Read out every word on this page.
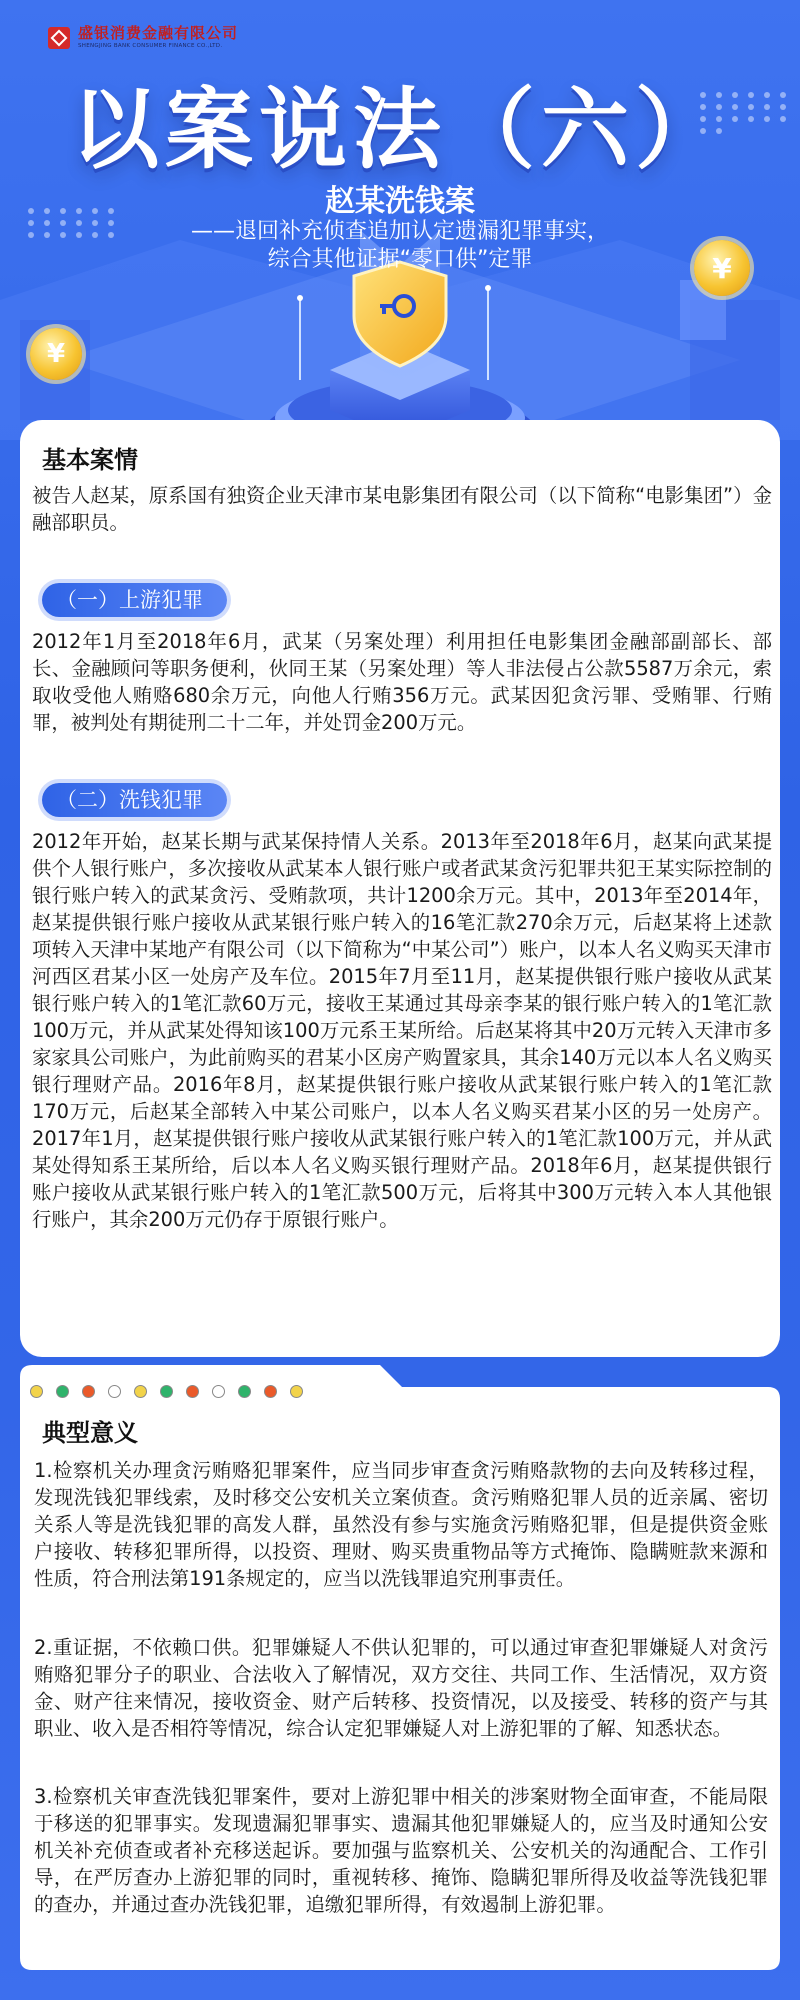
盛银消费金融有限公司
SHENGJING BANK CONSUMER FINANCE CO.,LTD.
¥
¥
以案说法（六）
赵某洗钱案
——退回补充侦查追加认定遗漏犯罪事实，
综合其他证据“零口供”定罪
基本案情

被告人赵某，原系国有独资企业天津市某电影集团有限公司（以下简称“电影集团”）金融部职员。

（一）上游犯罪

2012年1月至2018年6月，武某（另案处理）利用担任电影集团金融部副部长、部长、金融顾问等职务便利，伙同王某（另案处理）等人非法侵占公款5587万余元，索取收受他人贿赂680余万元，向他人行贿356万元。武某因犯贪污罪、受贿罪、行贿罪，被判处有期徒刑二十二年，并处罚金200万元。

（二）洗钱犯罪

2012年开始，赵某长期与武某保持情人关系。2013年至2018年6月，赵某向武某提供个人银行账户，多次接收从武某本人银行账户或者武某贪污犯罪共犯王某实际控制的银行账户转入的武某贪污、受贿款项，共计1200余万元。其中，2013年至2014年，赵某提供银行账户接收从武某银行账户转入的16笔汇款270余万元，后赵某将上述款项转入天津中某地产有限公司（以下简称为“中某公司”）账户，以本人名义购买天津市河西区君某小区一处房产及车位。2015年7月至11月，赵某提供银行账户接收从武某银行账户转入的1笔汇款60万元，接收王某通过其母亲李某的银行账户转入的1笔汇款100万元，并从武某处得知该100万元系王某所给。后赵某将其中20万元转入天津市多家家具公司账户，为此前购买的君某小区房产购置家具，其余140万元以本人名义购买银行理财产品。2016年8月，赵某提供银行账户接收从武某银行账户转入的1笔汇款170万元，后赵某全部转入中某公司账户，以本人名义购买君某小区的另一处房产。2017年1月，赵某提供银行账户接收从武某银行账户转入的1笔汇款100万元，并从武某处得知系王某所给，后以本人名义购买银行理财产品。2018年6月，赵某提供银行账户接收从武某银行账户转入的1笔汇款500万元，后将其中300万元转入本人其他银行账户，其余200万元仍存于原银行账户。

典型意义

1.检察机关办理贪污贿赂犯罪案件，应当同步审查贪污贿赂款物的去向及转移过程，发现洗钱犯罪线索，及时移交公安机关立案侦查。贪污贿赂犯罪人员的近亲属、密切关系人等是洗钱犯罪的高发人群，虽然没有参与实施贪污贿赂犯罪，但是提供资金账户接收、转移犯罪所得，以投资、理财、购买贵重物品等方式掩饰、隐瞒赃款来源和性质，符合刑法第191条规定的，应当以洗钱罪追究刑事责任。

2.重证据，不依赖口供。犯罪嫌疑人不供认犯罪的，可以通过审查犯罪嫌疑人对贪污贿赂犯罪分子的职业、合法收入了解情况，双方交往、共同工作、生活情况，双方资金、财产往来情况，接收资金、财产后转移、投资情况，以及接受、转移的资产与其职业、收入是否相符等情况，综合认定犯罪嫌疑人对上游犯罪的了解、知悉状态。

3.检察机关审查洗钱犯罪案件，要对上游犯罪中相关的涉案财物全面审查，不能局限于移送的犯罪事实。发现遗漏犯罪事实、遗漏其他犯罪嫌疑人的，应当及时通知公安机关补充侦查或者补充移送起诉。要加强与监察机关、公安机关的沟通配合、工作引导，在严厉查办上游犯罪的同时，重视转移、掩饰、隐瞒犯罪所得及收益等洗钱犯罪的查办，并通过查办洗钱犯罪，追缴犯罪所得，有效遏制上游犯罪。
